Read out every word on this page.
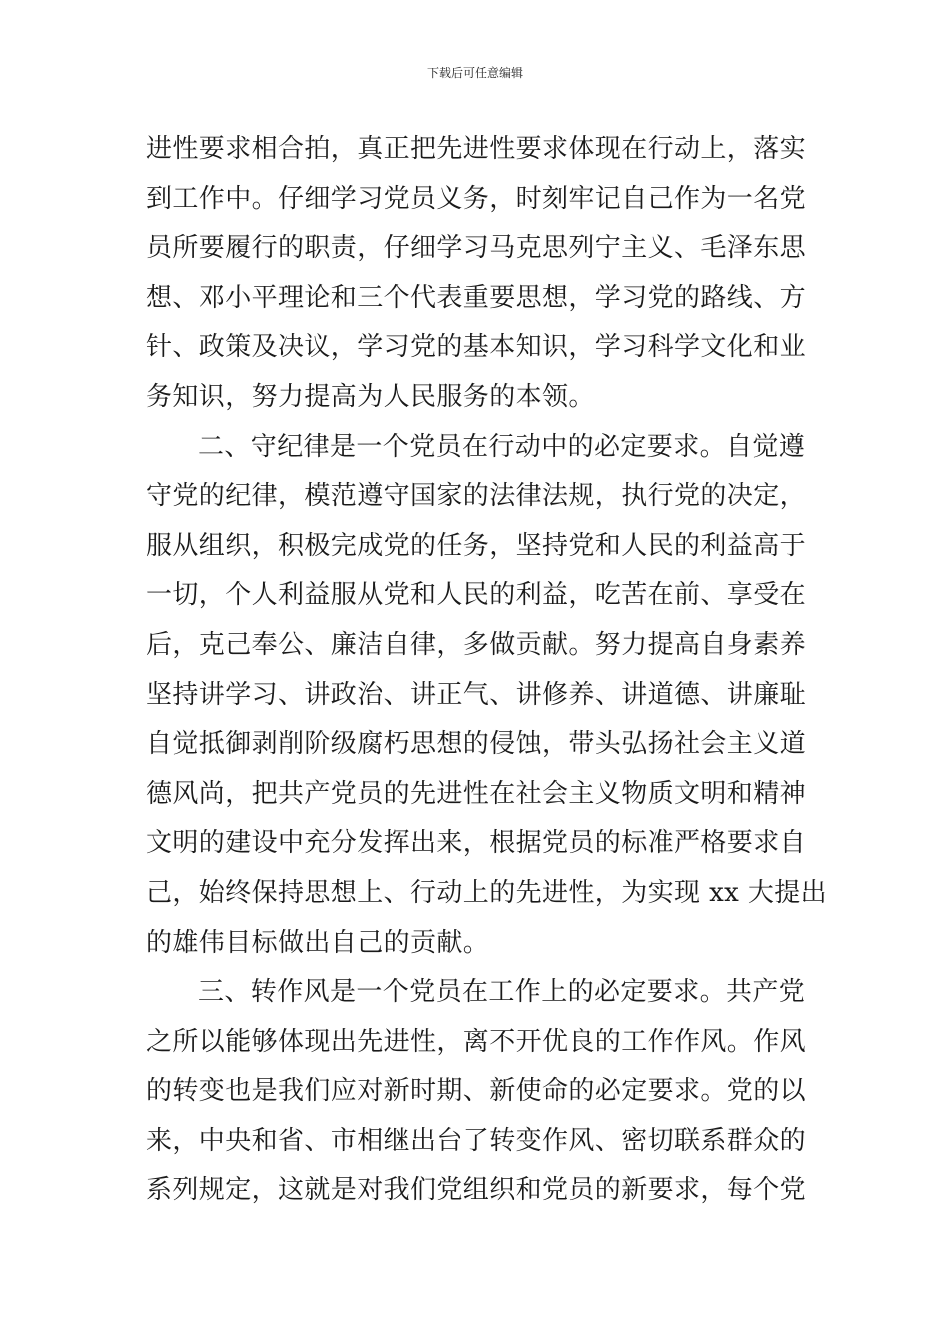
下载后可任意编辑
进性要求相合拍，真正把先进性要求体现在行动上，落实
到工作中。仔细学习党员义务，时刻牢记自己作为一名党
员所要履行的职责，仔细学习马克思列宁主义、毛泽东思
想、邓小平理论和三个代表重要思想，学习党的路线、方
针、政策及决议，学习党的基本知识，学习科学文化和业
务知识，努力提高为人民服务的本领。
二、守纪律是一个党员在行动中的必定要求。自觉遵
守党的纪律，模范遵守国家的法律法规，执行党的决定，
服从组织，积极完成党的任务，坚持党和人民的利益高于
一切，个人利益服从党和人民的利益，吃苦在前、享受在
后，克己奉公、廉洁自律，多做贡献。努力提高自身素养
坚持讲学习、讲政治、讲正气、讲修养、讲道德、讲廉耻
自觉抵御剥削阶级腐朽思想的侵蚀，带头弘扬社会主义道
德风尚，把共产党员的先进性在社会主义物质文明和精神
文明的建设中充分发挥出来，根据党员的标准严格要求自
己，始终保持思想上、行动上的先进性，为实现 xx 大提出
的雄伟目标做出自己的贡献。
三、转作风是一个党员在工作上的必定要求。共产党
之所以能够体现出先进性，离不开优良的工作作风。作风
的转变也是我们应对新时期、新使命的必定要求。党的以
来，中央和省、市相继出台了转变作风、密切联系群众的
系列规定，这就是对我们党组织和党员的新要求，每个党
